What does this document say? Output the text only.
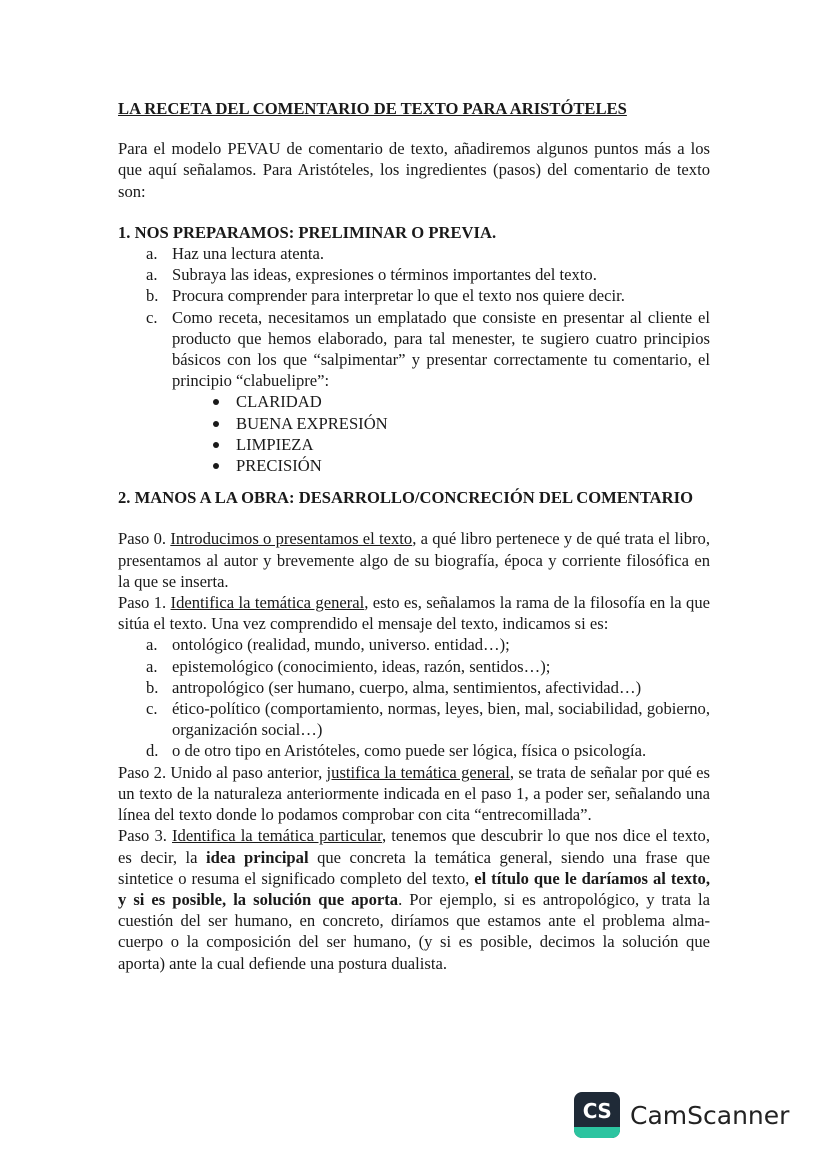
LA RECETA DEL COMENTARIO DE TEXTO PARA ARISTÓTELES

Para el modelo PEVAU de comentario de texto, añadiremos algunos puntos más a los que aquí señalamos. Para Aristóteles, los ingredientes (pasos) del comentario de texto son:

1. NOS PREPARAMOS: PRELIMINAR O PREVIA.

a. Haz una lectura atenta.
a. Subraya las ideas, expresiones o términos importantes del texto.
b. Procura comprender para interpretar lo que el texto nos quiere decir.
c. Como receta, necesitamos un emplatado que consiste en presentar al cliente el producto que hemos elaborado, para tal menester, te sugiero cuatro principios básicos con los que “salpimentar” y presentar correctamente tu comentario, el principio “clabuelipre”:
CLARIDAD
BUENA EXPRESIÓN
LIMPIEZA
PRECISIÓN

2. MANOS A LA OBRA: DESARROLLO/CONCRECIÓN DEL COMENTARIO

Paso 0. Introducimos o presentamos el texto, a qué libro pertenece y de qué trata el libro, presentamos al autor y brevemente algo de su biografía, época y corriente filosófica en la que se inserta.

Paso 1. Identifica la temática general, esto es, señalamos la rama de la filosofía en la que sitúa el texto. Una vez comprendido el mensaje del texto, indicamos si es:

a. ontológico (realidad, mundo, universo. entidad…);
a. epistemológico (conocimiento, ideas, razón, sentidos…);
b. antropológico (ser humano, cuerpo, alma, sentimientos, afectividad…)
c. ético-político (comportamiento, normas, leyes, bien, mal, sociabilidad, gobierno, organización social…)
d. o de otro tipo en Aristóteles, como puede ser lógica, física o psicología.

Paso 2. Unido al paso anterior, justifica la temática general, se trata de señalar por qué es un texto de la naturaleza anteriormente indicada en el paso 1, a poder ser, señalando una línea del texto donde lo podamos comprobar con cita “entrecomillada”.

Paso 3. Identifica la temática particular, tenemos que descubrir lo que nos dice el texto, es decir, la idea principal que concreta la temática general, siendo una frase que sintetice o resuma el significado completo del texto, el título que le daríamos al texto, y si es posible, la solución que aporta. Por ejemplo, si es antropológico, y trata la cuestión del ser humano, en concreto, diríamos que estamos ante el problema alma-cuerpo o la composición del ser humano, (y si es posible, decimos la solución que aporta) ante la cual defiende una postura dualista.

CS CamScanner
